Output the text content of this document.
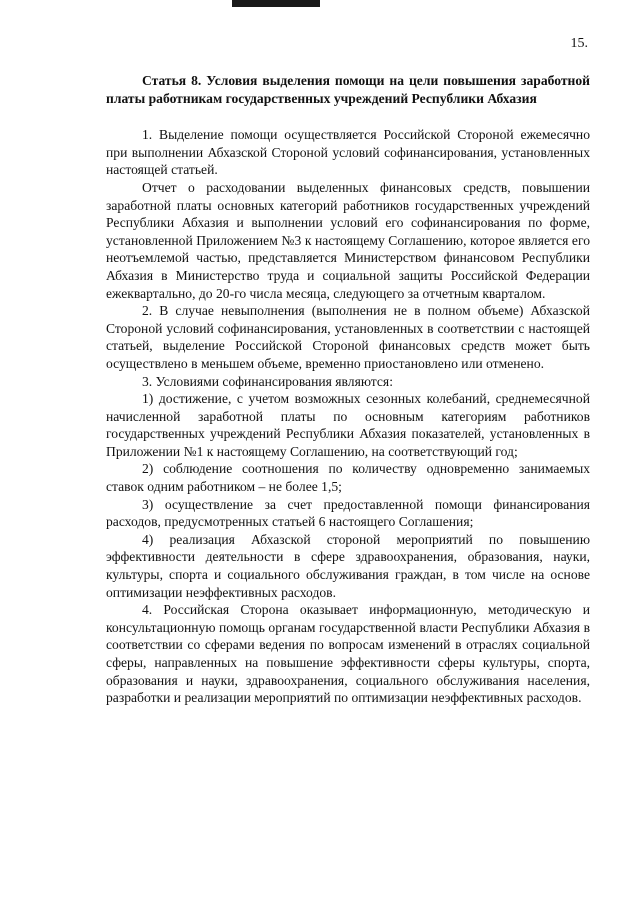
15.
Статья 8. Условия выделения помощи на цели повышения заработной платы работникам государственных учреждений Республики Абхазия

1. Выделение помощи осуществляется Российской Стороной ежемесячно при выполнении Абхазской Стороной условий софинансирования, установленных настоящей статьей.

Отчет о расходовании выделенных финансовых средств, повышении заработной платы основных категорий работников государственных учреждений Республики Абхазия и выполнении условий его софинансирования по форме, установленной Приложением №3 к настоящему Соглашению, которое является его неотъемлемой частью, представляется Министерством финансовом Республики Абхазия в Министерство труда и социальной защиты Российской Федерации ежеквартально, до 20-го числа месяца, следующего за отчетным кварталом.

2. В случае невыполнения (выполнения не в полном объеме) Абхазской Стороной условий софинансирования, установленных в соответствии с настоящей статьей, выделение Российской Стороной финансовых средств может быть осуществлено в меньшем объеме, временно приостановлено или отменено.

3. Условиями софинансирования являются:

1) достижение, с учетом возможных сезонных колебаний, среднемесячной начисленной заработной платы по основным категориям работников государственных учреждений Республики Абхазия показателей, установленных в Приложении №1 к настоящему Соглашению, на соответствующий год;

2) соблюдение соотношения по количеству одновременно занимаемых ставок одним работником – не более 1,5;

3) осуществление за счет предоставленной помощи финансирования расходов, предусмотренных статьей 6 настоящего Соглашения;

4) реализация Абхазской стороной мероприятий по повышению эффективности деятельности в сфере здравоохранения, образования, науки, культуры, спорта и социального обслуживания граждан, в том числе на основе оптимизации неэффективных расходов.

4. Российская Сторона оказывает информационную, методическую и консультационную помощь органам государственной власти Республики Абхазия в соответствии со сферами ведения по вопросам изменений в отраслях социальной сферы, направленных на повышение эффективности сферы культуры, спорта, образования и науки, здравоохранения, социального обслуживания населения, разработки и реализации мероприятий по оптимизации неэффективных расходов.
